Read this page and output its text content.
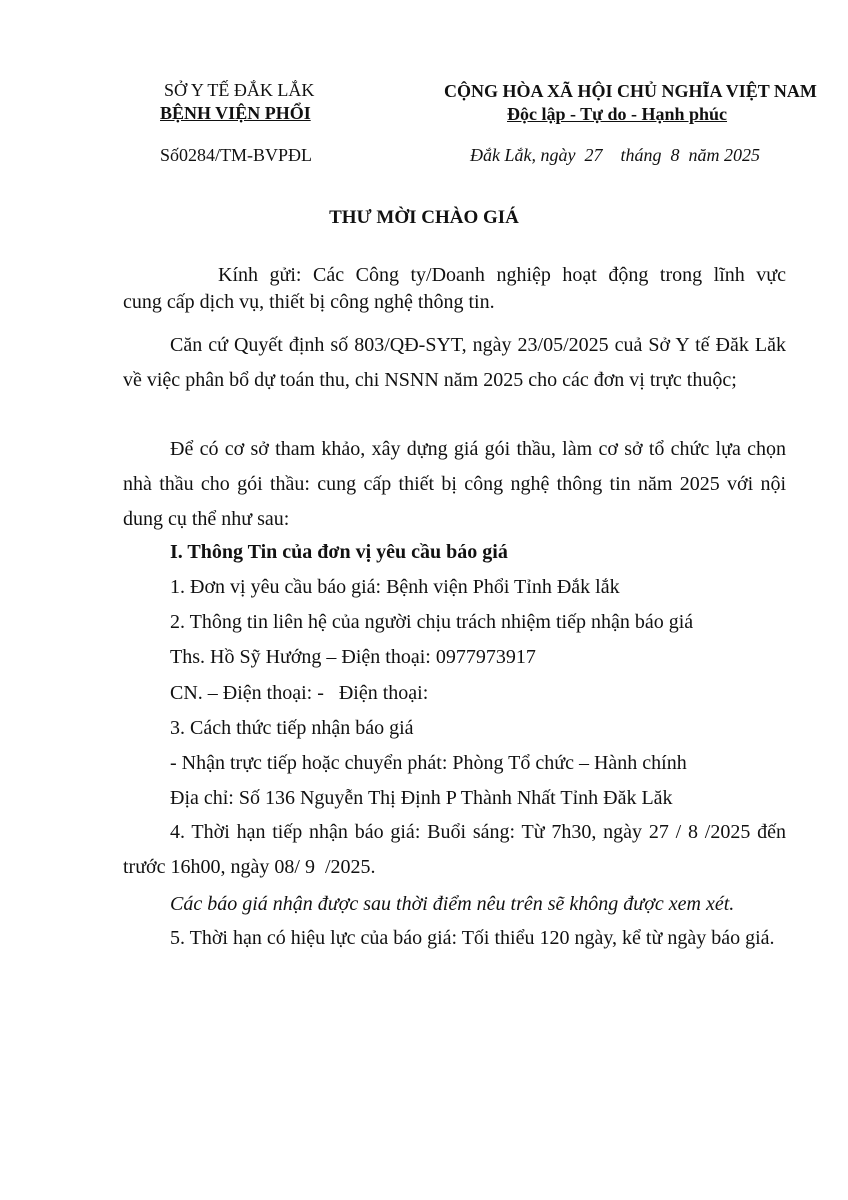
SỞ Y TẾ ĐẮK LẮK
BỆNH VIỆN PHỔI
Số0284/TM-BVPĐL
CỘNG HÒA XÃ HỘI CHỦ NGHĨA VIỆT NAM
Độc lập - Tự do - Hạnh phúc
Đắk Lắk, ngày  27    tháng  8  năm 2025
THƯ MỜI CHÀO GIÁ
Kính gửi: Các Công ty/Doanh nghiệp hoạt động trong lĩnh vực
cung cấp dịch vụ, thiết bị công nghệ thông tin.
Căn cứ Quyết định số 803/QĐ-SYT, ngày 23/05/2025 cuả Sở Y tế Đăk Lăk về việc phân bổ dự toán thu, chi NSNN năm 2025 cho các đơn vị trực thuộc;
Để có cơ sở tham khảo, xây dựng giá gói thầu, làm cơ sở tổ chức lựa chọn nhà thầu cho gói thầu: cung cấp thiết bị công nghệ thông tin năm 2025 với nội dung cụ thể như sau:
I. Thông Tin của đơn vị yêu cầu báo giá
1. Đơn vị yêu cầu báo giá: Bệnh viện Phổi Tỉnh Đắk lắk
2. Thông tin liên hệ của người chịu trách nhiệm tiếp nhận báo giá
Ths. Hồ Sỹ Hướng – Điện thoại: 0977973917
CN. – Điện thoại: -   Điện thoại:
3. Cách thức tiếp nhận báo giá
- Nhận trực tiếp hoặc chuyển phát: Phòng Tổ chức – Hành chính
Địa chỉ: Số 136 Nguyễn Thị Định P Thành Nhất Tỉnh Đăk Lăk
4. Thời hạn tiếp nhận báo giá: Buổi sáng: Từ 7h30, ngày 27 / 8 /2025 đến trước 16h00, ngày 08/ 9  /2025.
Các báo giá nhận được sau thời điểm nêu trên sẽ không được xem xét.
5. Thời hạn có hiệu lực của báo giá: Tối thiểu 120 ngày, kể từ ngày báo giá.
